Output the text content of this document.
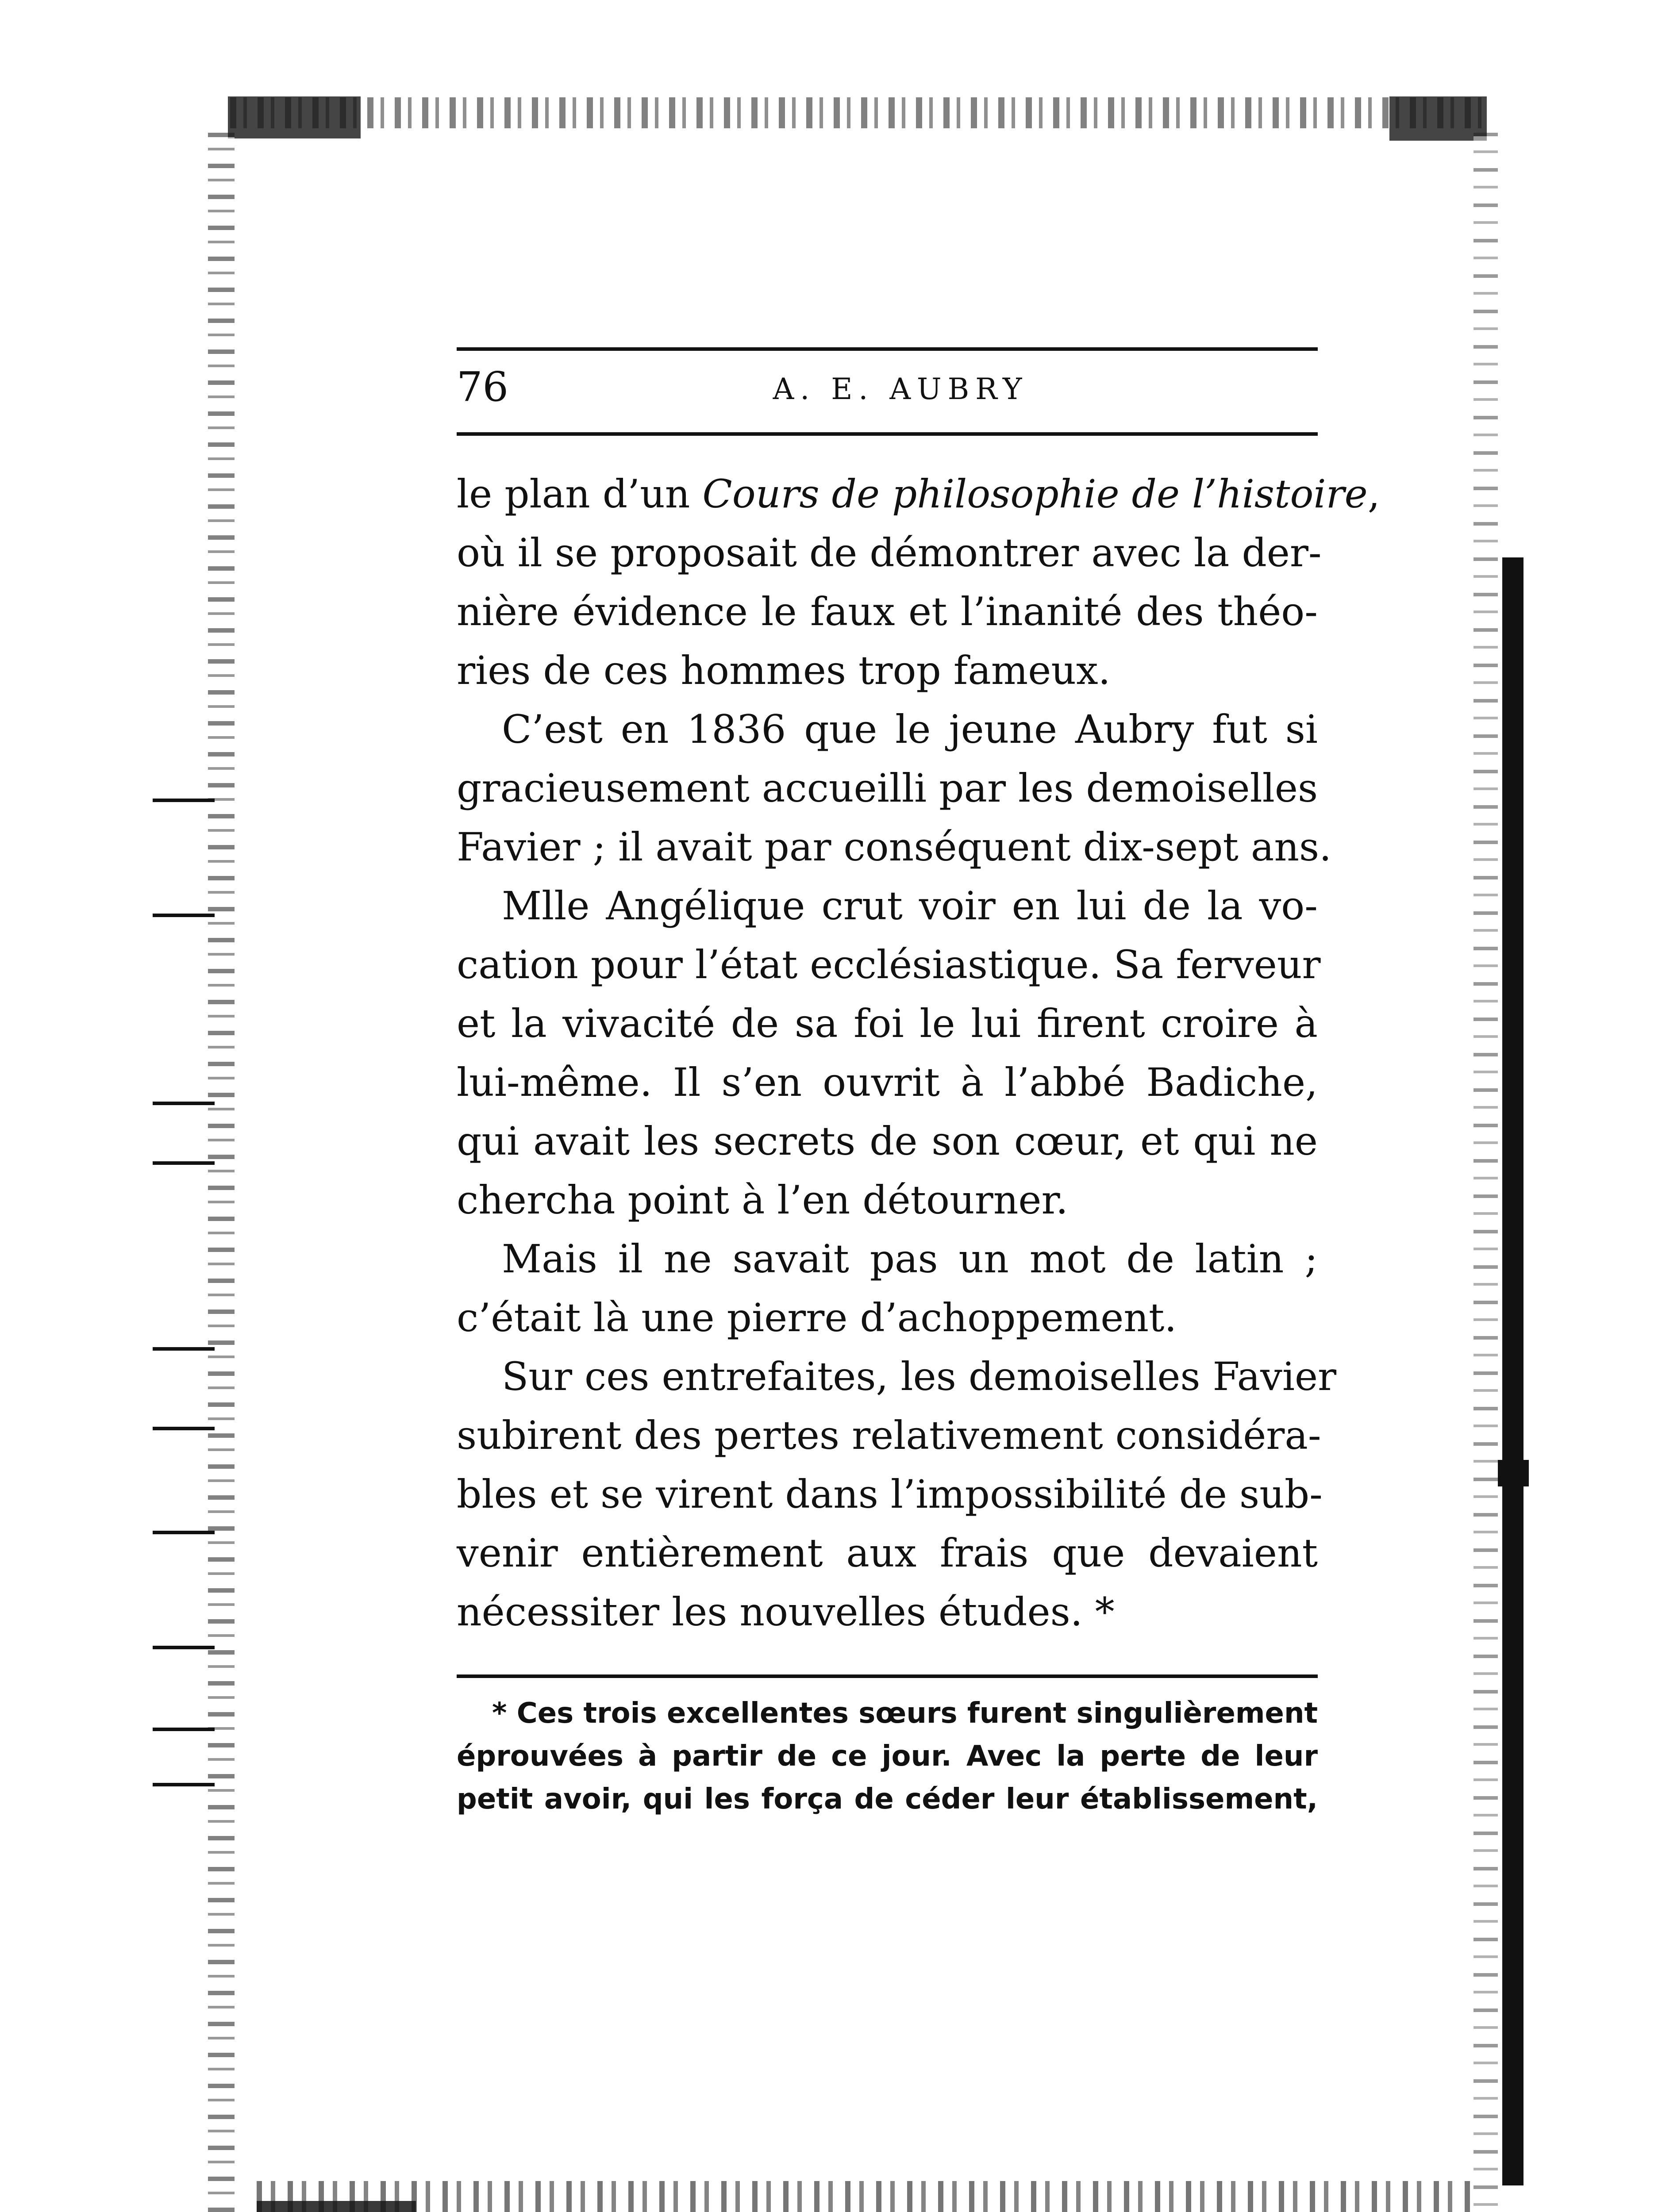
76	A. E. AUBRY
le plan d’un Cours de philosophie de l’histoire,
où il se proposait de démontrer avec la der-
nière évidence le faux et l’inanité des théo-
ries de ces hommes trop fameux.
C’est en 1836 que le jeune Aubry fut si
gracieusement accueilli par les demoiselles
Favier ; il avait par conséquent dix-sept ans.
Mlle Angélique crut voir en lui de la vo-
cation pour l’état ecclésiastique. Sa ferveur
et la vivacité de sa foi le lui firent croire à
lui-même. Il s’en ouvrit à l’abbé Badiche,
qui avait les secrets de son cœur, et qui ne
chercha point à l’en détourner.
Mais il ne savait pas un mot de latin ;
c’était là une pierre d’achoppement.
Sur ces entrefaites, les demoiselles Favier
subirent des pertes relativement considéra-
bles et se virent dans l’impossibilité de sub-
venir entièrement aux frais que devaient
nécessiter les nouvelles études. *
* Ces trois excellentes sœurs furent singulièrement
éprouvées à partir de ce jour. Avec la perte de leur
petit avoir, qui les força de céder leur établissement,
